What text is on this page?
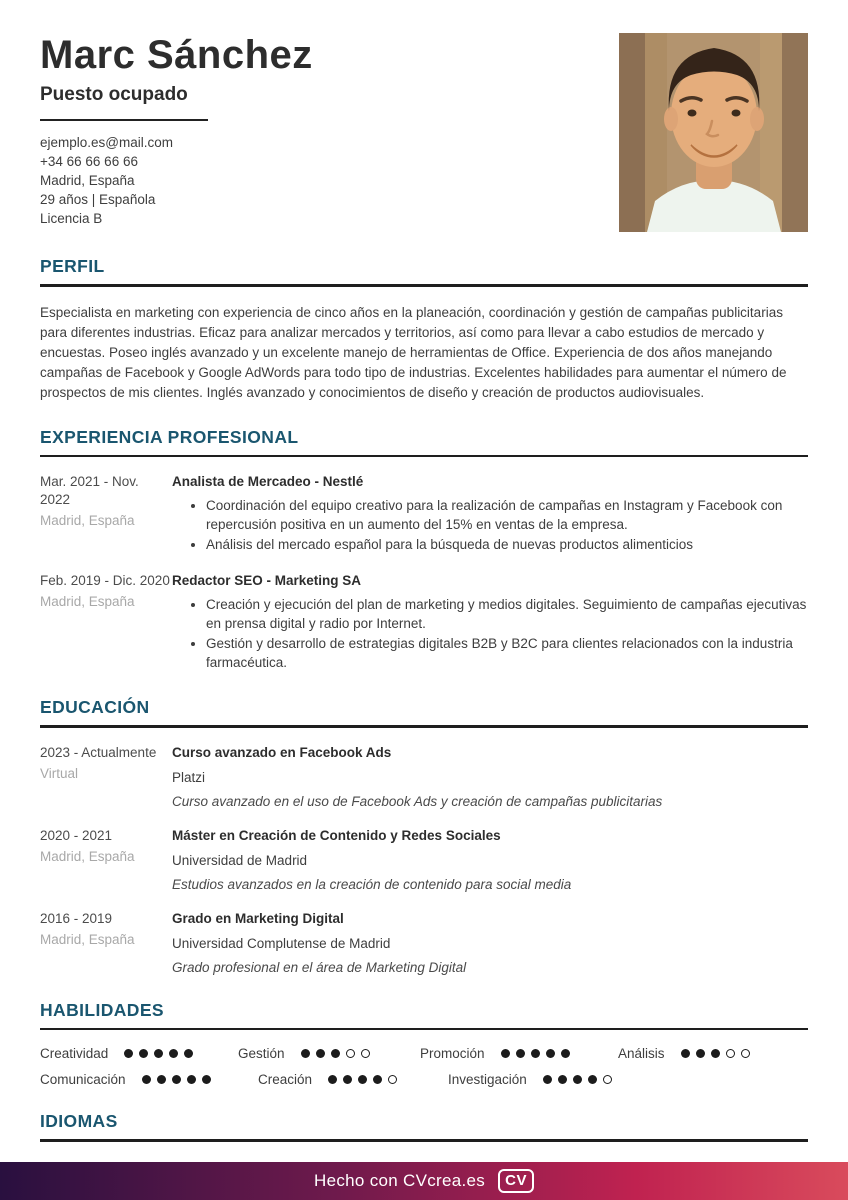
Marc Sánchez
Puesto ocupado
ejemplo.es@mail.com
+34 66 66 66 66
Madrid, España
29 años | Española
Licencia B
PERFIL

Especialista en marketing con experiencia de cinco años en la planeación, coordinación y gestión de campañas publicitarias para diferentes industrias. Eficaz para analizar mercados y territorios, así como para llevar a cabo estudios de mercado y encuestas. Poseo inglés avanzado y un excelente manejo de herramientas de Office. Experiencia de dos años manejando campañas de Facebook y Google AdWords para todo tipo de industrias. Excelentes habilidades para aumentar el número de prospectos de mis clientes. Inglés avanzado y conocimientos de diseño y creación de productos audiovisuales.

EXPERIENCIA PROFESIONAL
Mar. 2021 - Nov. 2022
Madrid, España
Analista de Mercadeo - Nestlé
• Coordinación del equipo creativo para la realización de campañas en Instagram y Facebook con repercusión positiva en un aumento del 15% en ventas de la empresa.
• Análisis del mercado español para la búsqueda de nuevas productos alimenticios
Feb. 2019 - Dic. 2020
Madrid, España
Redactor SEO - Marketing SA
• Creación y ejecución del plan de marketing y medios digitales. Seguimiento de campañas ejecutivas en prensa digital y radio por Internet.
• Gestión y desarrollo de estrategias digitales B2B y B2C para clientes relacionados con la industria farmacéutica.
EDUCACIÓN
2023 - Actualmente
Virtual
Curso avanzado en Facebook Ads
Platzi
Curso avanzado en el uso de Facebook Ads y creación de campañas publicitarias
2020 - 2021
Madrid, España
Máster en Creación de Contenido y Redes Sociales
Universidad de Madrid
Estudios avanzados en la creación de contenido para social media
2016 - 2019
Madrid, España
Grado en Marketing Digital
Universidad Complutense de Madrid
Grado profesional en el área de Marketing Digital
HABILIDADES
Creatividad	Gestión	Promoción	Análisis
Comunicación	Creación	Investigación
IDIOMAS

Hecho con CVcrea.es	CV
